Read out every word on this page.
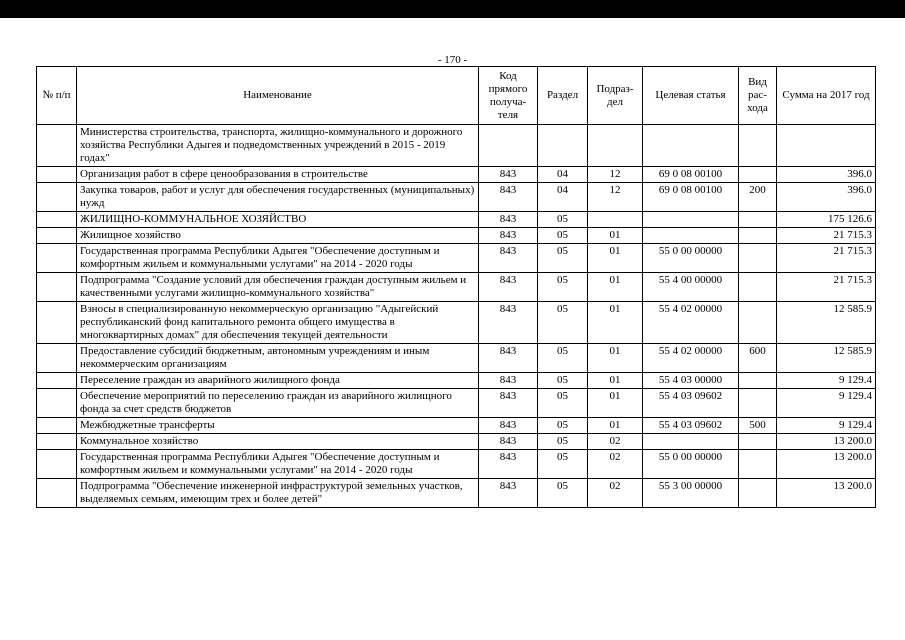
- 170 -
№ п/п	Наименование	Код прямого получа-теля	Раздел	Подраз-дел	Целевая статья	Вид рас-хода	Сумма на 2017 год
	Министерства строительства, транспорта, жилищно-коммунального и дорожного хозяйства Республики Адыгея и подведомственных учреждений в 2015 - 2019 годах"						
	Организация работ в сфере ценообразования в строительстве	843	04	12	69 0 08 00100		396.0
	Закупка товаров, работ и услуг для обеспечения государственных (муниципальных) нужд	843	04	12	69 0 08 00100	200	396.0
	ЖИЛИЩНО-КОММУНАЛЬНОЕ ХОЗЯЙСТВО	843	05				175 126.6
	Жилищное хозяйство	843	05	01			21 715.3
	Государственная программа Республики Адыгея "Обеспечение доступным и комфортным жильем и коммунальными услугами" на 2014 - 2020 годы	843	05	01	55 0 00 00000		21 715.3
	Подпрограмма "Создание условий для обеспечения граждан доступным жильем и качественными услугами жилищно-коммунального хозяйства"	843	05	01	55 4 00 00000		21 715.3
	Взносы в специализированную некоммерческую организацию "Адыгейский республиканский фонд капитального ремонта общего имущества в многоквартирных домах" для обеспечения текущей деятельности	843	05	01	55 4 02 00000		12 585.9
	Предоставление субсидий бюджетным, автономным учреждениям и иным некоммерческим организациям	843	05	01	55 4 02 00000	600	12 585.9
	Переселение граждан из аварийного жилищного фонда	843	05	01	55 4 03 00000		9 129.4
	Обеспечение мероприятий по переселению граждан из аварийного жилищного фонда за счет средств бюджетов	843	05	01	55 4 03 09602		9 129.4
	Межбюджетные трансферты	843	05	01	55 4 03 09602	500	9 129.4
	Коммунальное хозяйство	843	05	02			13 200.0
	Государственная программа Республики Адыгея "Обеспечение доступным и комфортным жильем и коммунальными услугами" на 2014 - 2020 годы	843	05	02	55 0 00 00000		13 200.0
	Подпрограмма "Обеспечение инженерной инфраструктурой земельных участков, выделяемых семьям, имеющим трех и более детей"	843	05	02	55 3 00 00000		13 200.0
